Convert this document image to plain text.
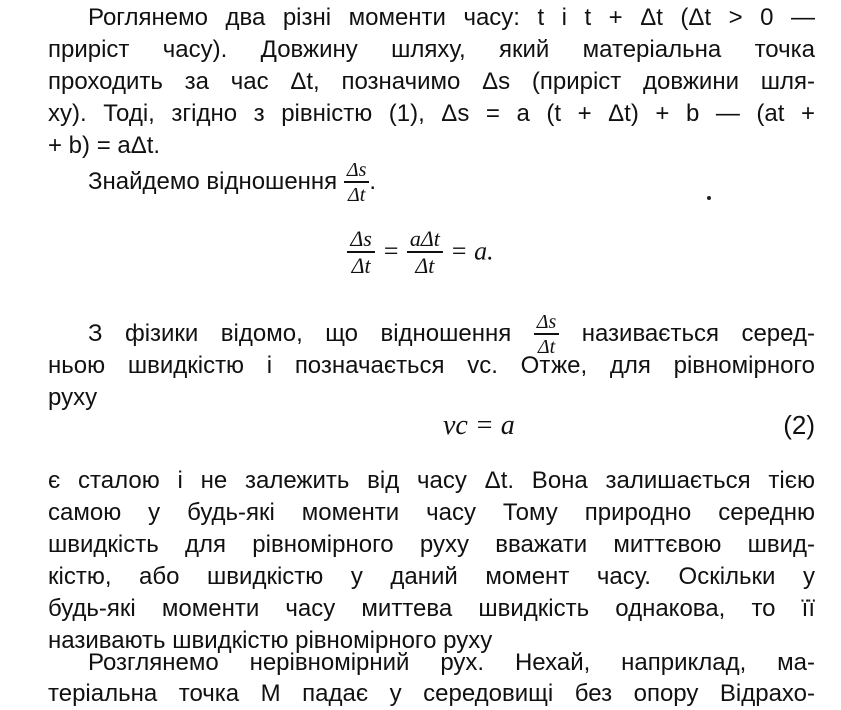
Роглянемо два різні моменти часу: t і t + Δt (Δt > 0 —
приріст часу). Довжину шляху, який матеріальна точка
проходить за час Δt, позначимо Δs (приріст довжини шля-
ху). Тоді, згідно з рівністю (1), Δs = a (t + Δt) + b — (at +
+ b) = aΔt.
Знайдемо відношення $\frac{\Delta s}{\Delta t}$ .
$\frac{\Delta s}{\Delta t} = \frac{\text{aΔt}}{\Delta t} = a$.
З фізики відомо, що відношення $\frac{\Delta s}{\Delta t}$ називається серед-
ньою швидкістю і позначається vс. Отже, для рівномірного
руху
vс = a	(2)
є сталою і не залежить від часу Δt. Вона залишається тією
самою у будь-які моменти часу Тому природно середню
швидкість для рівномірного руху вважати миттєвою швид-
кістю, або швидкістю у даний момент часу. Оскільки у
будь-які моменти часу миттева швидкість однакова, то її
називають швидкістю рівномірного руху
Розглянемо нерівномірний рух. Нехай, наприклад, ма-
теріальна точка M падає у середовищі без опору Відрахо-
